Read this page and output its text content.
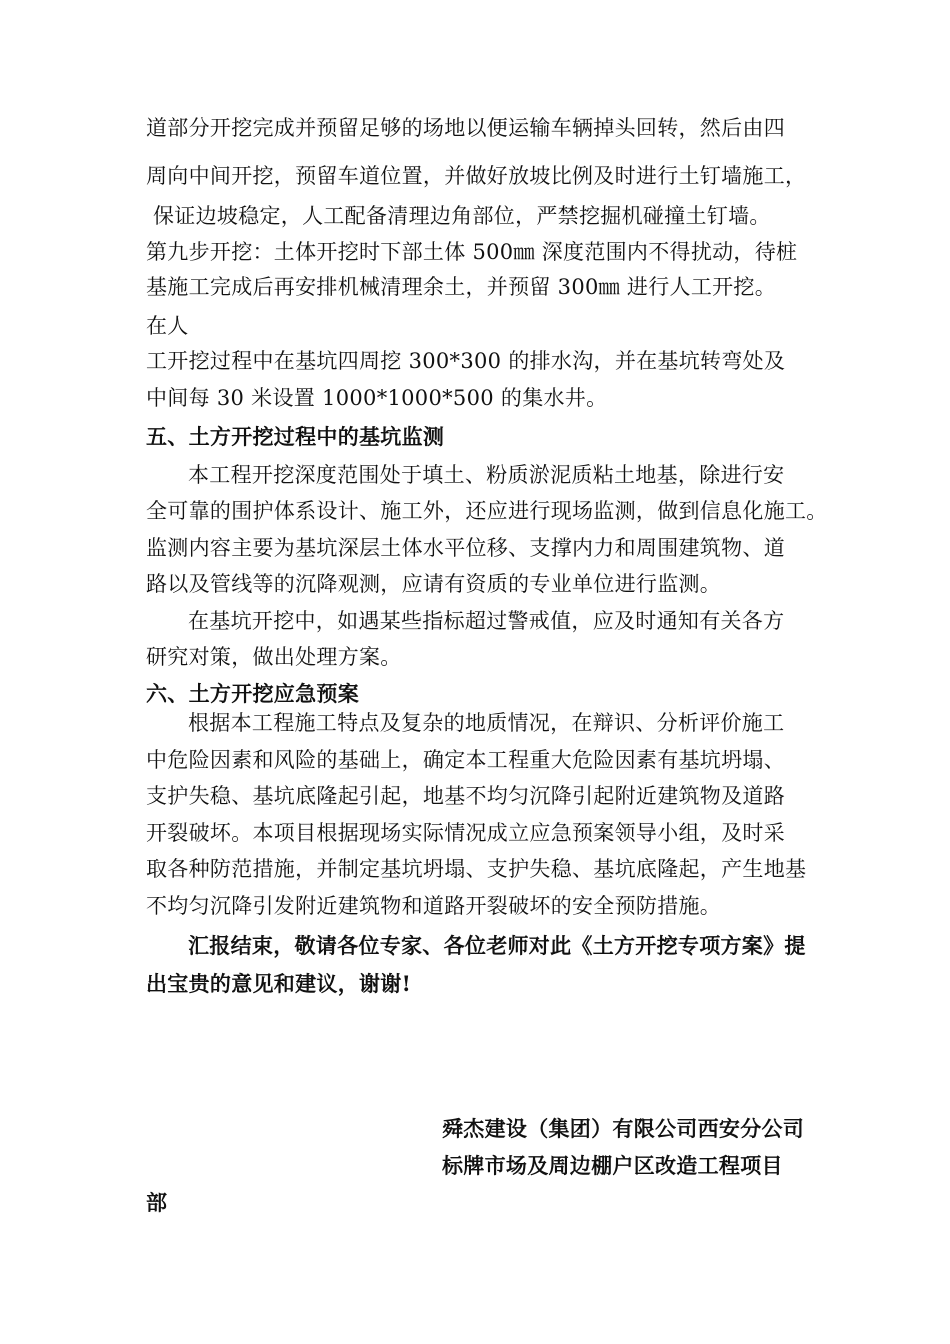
道部分开挖完成并预留足够的场地以便运输车辆掉头回转，然后由四
周向中间开挖，预留车道位置，并做好放坡比例及时进行土钉墙施工，
保证边坡稳定，人工配备清理边角部位，严禁挖掘机碰撞土钉墙。
第九步开挖：土体开挖时下部土体 500㎜ 深度范围内不得扰动，待桩
基施工完成后再安排机械清理余土，并预留 300㎜ 进行人工开挖。
在人
工开挖过程中在基坑四周挖 300*300 的排水沟，并在基坑转弯处及
中间每 30 米设置 1000*1000*500 的集水井。
五、土方开挖过程中的基坑监测
本工程开挖深度范围处于填土、粉质淤泥质粘土地基，除进行安
全可靠的围护体系设计、施工外，还应进行现场监测，做到信息化施工。
监测内容主要为基坑深层土体水平位移、支撑内力和周围建筑物、道
路以及管线等的沉降观测，应请有资质的专业单位进行监测。
在基坑开挖中，如遇某些指标超过警戒值，应及时通知有关各方
研究对策，做出处理方案。
六、土方开挖应急预案
根据本工程施工特点及复杂的地质情况，在辩识、分析评价施工
中危险因素和风险的基础上，确定本工程重大危险因素有基坑坍塌、
支护失稳、基坑底隆起引起，地基不均匀沉降引起附近建筑物及道路
开裂破坏。本项目根据现场实际情况成立应急预案领导小组，及时采
取各种防范措施，并制定基坑坍塌、支护失稳、基坑底隆起，产生地基
不均匀沉降引发附近建筑物和道路开裂破坏的安全预防措施。
汇报结束，敬请各位专家、各位老师对此《土方开挖专项方案》提
出宝贵的意见和建议，谢谢!
舜杰建设（集团）有限公司西安分公司
标牌市场及周边棚户区改造工程项目
部
